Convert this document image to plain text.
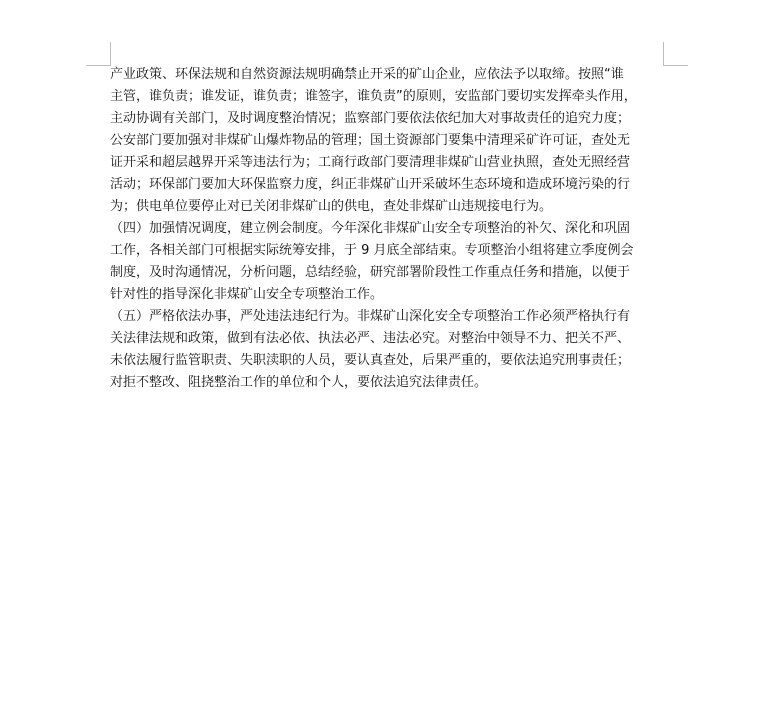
产业政策、环保法规和自然资源法规明确禁止开采的矿山企业，应依法予以取缔。按照“谁
主管，谁负责；谁发证，谁负责；谁签字，谁负责”的原则，安监部门要切实发挥牵头作用，
主动协调有关部门，及时调度整治情况；监察部门要依法依纪加大对事故责任的追究力度；
公安部门要加强对非煤矿山爆炸物品的管理；国土资源部门要集中清理采矿许可证，查处无
证开采和超层越界开采等违法行为；工商行政部门要清理非煤矿山营业执照，查处无照经营
活动；环保部门要加大环保监察力度，纠正非煤矿山开采破坏生态环境和造成环境污染的行
为；供电单位要停止对已关闭非煤矿山的供电，查处非煤矿山违规接电行为。
（四）加强情况调度，建立例会制度。今年深化非煤矿山安全专项整治的补欠、深化和巩固
工作，各相关部门可根据实际统筹安排，于 9 月底全部结束。专项整治小组将建立季度例会
制度，及时沟通情况，分析问题，总结经验，研究部署阶段性工作重点任务和措施，以便于
针对性的指导深化非煤矿山安全专项整治工作。
（五）严格依法办事，严处违法违纪行为。非煤矿山深化安全专项整治工作必须严格执行有
关法律法规和政策，做到有法必依、执法必严、违法必究。对整治中领导不力、把关不严、
未依法履行监管职责、失职渎职的人员，要认真查处，后果严重的，要依法追究刑事责任；
对拒不整改、阻挠整治工作的单位和个人，要依法追究法律责任。
